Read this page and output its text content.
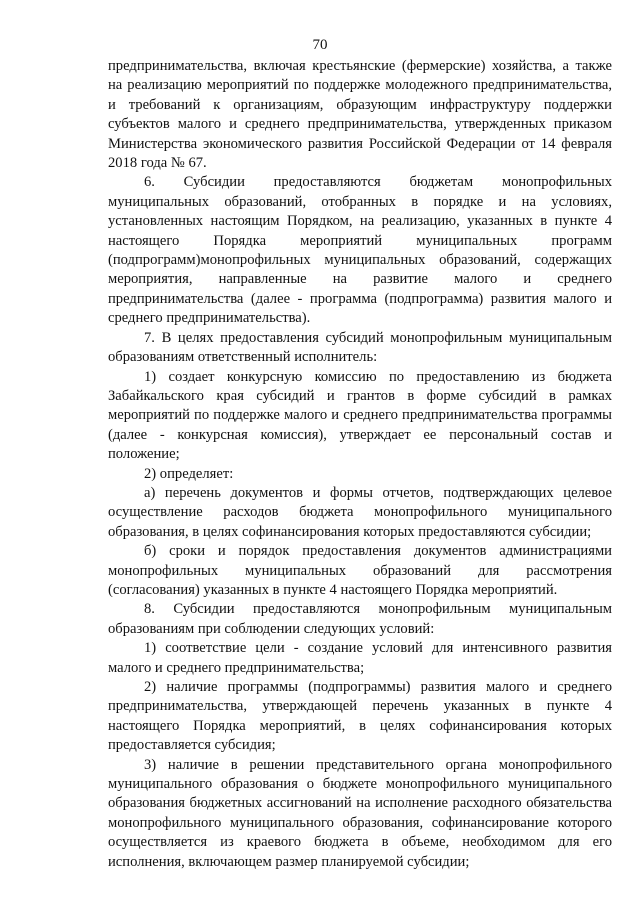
70

предпринимательства, включая крестьянские (фермерские) хозяйства, а также на реализацию мероприятий по поддержке молодежного предпринимательства, и требований к организациям, образующим инфраструктуру поддержки субъектов малого и среднего предпринимательства, утвержденных приказом Министерства экономического развития Российской Федерации от 14 февраля 2018 года № 67.

6. Субсидии предоставляются бюджетам монопрофильных муниципальных образований, отобранных в порядке и на условиях, установленных настоящим Порядком, на реализацию, указанных в пункте 4 настоящего Порядка мероприятий муниципальных программ (подпрограмм)монопрофильных муниципальных образований, содержащих мероприятия, направленные на развитие малого и среднего предпринимательства (далее - программа (подпрограмма) развития малого и среднего предпринимательства).

7. В целях предоставления субсидий монопрофильным муниципальным образованиям ответственный исполнитель:

1) создает конкурсную комиссию по предоставлению из бюджета Забайкальского края субсидий и грантов в форме субсидий в рамках мероприятий по поддержке малого и среднего предпринимательства программы (далее - конкурсная комиссия), утверждает ее персональный состав и положение;

2) определяет:

а) перечень документов и формы отчетов, подтверждающих целевое осуществление расходов бюджета монопрофильного муниципального образования, в целях софинансирования которых предоставляются субсидии;

б) сроки и порядок предоставления документов администрациями монопрофильных муниципальных образований для рассмотрения (согласования) указанных в пункте 4 настоящего Порядка мероприятий.

8. Субсидии предоставляются монопрофильным муниципальным образованиям при соблюдении следующих условий:

1) соответствие цели - создание условий для интенсивного развития малого и среднего предпринимательства;

2) наличие программы (подпрограммы) развития малого и среднего предпринимательства, утверждающей перечень указанных в пункте 4 настоящего Порядка мероприятий, в целях софинансирования которых предоставляется субсидия;

3) наличие в решении представительного органа монопрофильного муниципального образования о бюджете монопрофильного муниципального образования бюджетных ассигнований на исполнение расходного обязательства монопрофильного муниципального образования, софинансирование которого осуществляется из краевого бюджета в объеме, необходимом для его исполнения, включающем размер планируемой субсидии;
